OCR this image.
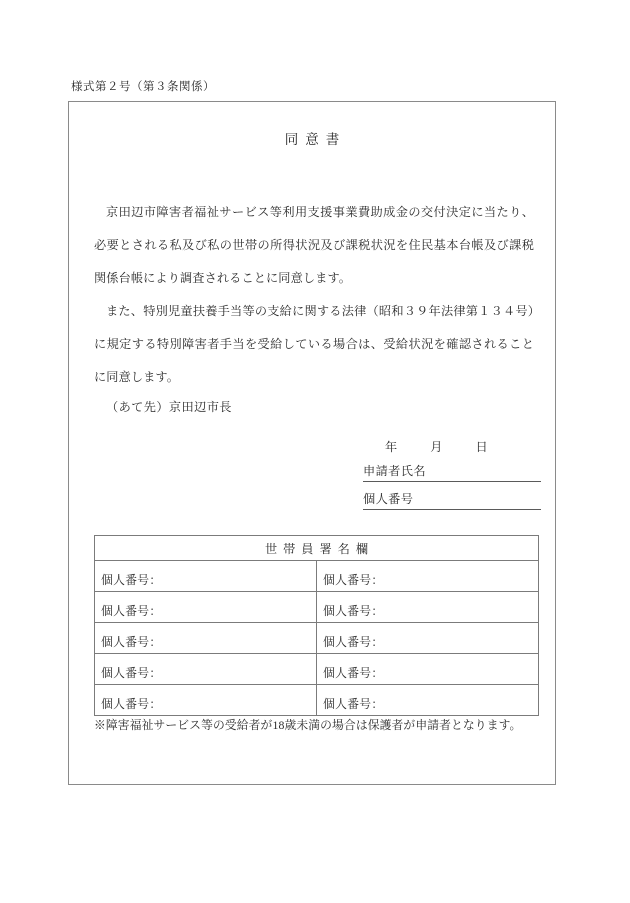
様式第２号（第３条関係）
同意書

京田辺市障害者福祉サービス等利用支援事業費助成金の交付決定に当たり、必要とされる私及び私の世帯の所得状況及び課税状況を住民基本台帳及び課税関係台帳により調査されることに同意します。

また、特別児童扶養手当等の支給に関する法律（昭和３９年法律第１３４号）に規定する特別障害者手当を受給している場合は、受給状況を確認されることに同意します。

（あて先）京田辺市長
年	月	日
申請者氏名
個人番号
世帯員署名欄	
個人番号：	個人番号：
個人番号：	個人番号：
個人番号：	個人番号：
個人番号：	個人番号：
個人番号：	個人番号：
※障害福祉サービス等の受給者が18歳未満の場合は保護者が申請者となります。
